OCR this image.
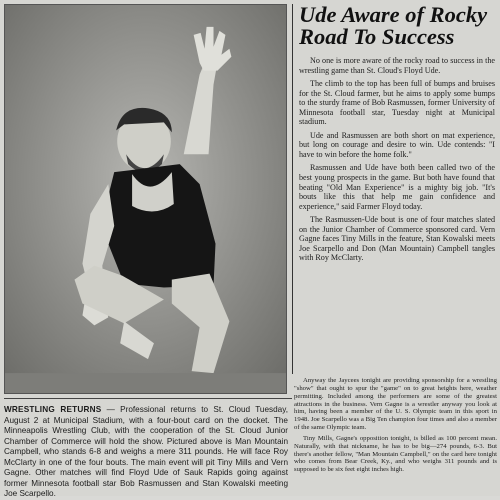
Ude Aware of Rocky Road To Success

No one is more aware of the rocky road to success in the wrestling game than St. Cloud's Floyd Ude.

The climb to the top has been full of bumps and bruises for the St. Cloud farmer, but he aims to apply some bumps to the sturdy frame of Bob Rasmussen, former University of Minnesota football star, Tuesday night at Municipal stadium.

Ude and Rasmussen are both short on mat experience, but long on courage and desire to win. Ude contends: "I have to win before the home folk."

Rasmussen and Ude have both been called two of the best young prospects in the game. But both have found that beating "Old Man Experience" is a mighty big job. "It's bouts like this that help me gain confidence and experience," said Farmer Floyd today.

The Rasmussen-Ude bout is one of four matches slated on the Junior Chamber of Commerce sponsored card. Vern Gagne faces Tiny Mills in the feature, Stan Kowalski meets Joe Scarpello and Don (Man Mountain) Campbell tangles with Roy McClarty.

WRESTLING RETURNS — Professional returns to St. Cloud Tuesday, August 2 at Municipal Stadium, with a four-bout card on the docket. The Minneapolis Wrestling Club, with the cooperation of the St. Cloud Junior Chamber of Commerce will hold the show. Pictured above is Man Mountain Campbell, who stands 6-8 and weighs a mere 311 pounds. He will face Roy McClarty in one of the four bouts. The main event will pit Tiny Mills and Vern Gagne. Other matches will find Floyd Ude of Sauk Rapids going against former Minnesota football star Bob Rasmussen and Stan Kowalski meeting Joe Scarpello.

Anyway the Jaycees tonight are providing sponsorship for a wrestling "show" that ought to spur the "game" on to great heights here, weather permitting. Included among the performers are some of the greatest attractions in the business. Vern Gagne is a wrestler anyway you look at him, having been a member of the U. S. Olympic team in this sport in 1948. Joe Scarpello was a Big Ten champion four times and also a member of the same Olympic team.

Tiny Mills, Gagne's opposition tonight, is billed as 100 percent mean. Naturally, with that nickname, he has to be big—274 pounds, 6-3. But there's another fellow, "Man Mountain Campbell," on the card here tonight who comes from Bear Creek, Ky., and who weighs 311 pounds and is supposed to be six feet eight inches high.
